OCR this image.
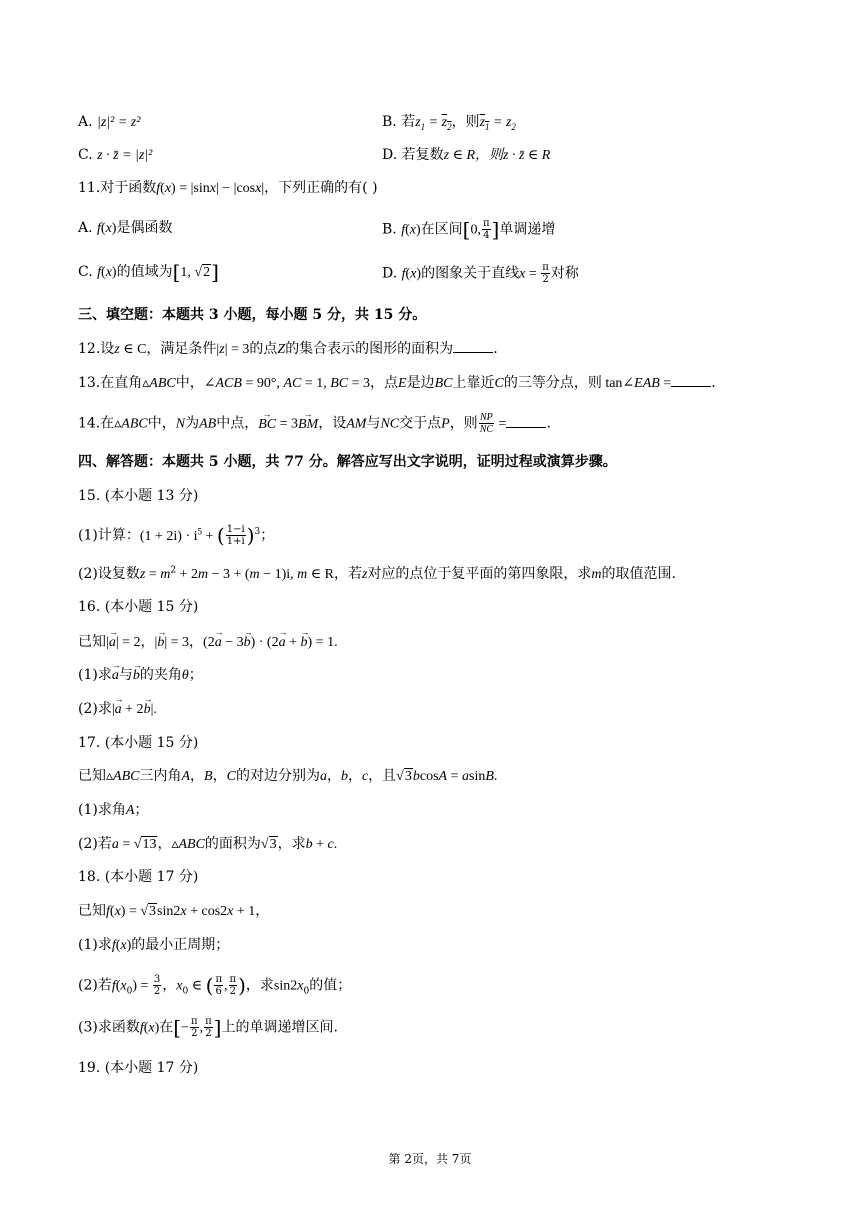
A. |z|² = z²	B. 若$z_1 = z_2$，则$z_1 = z_2$
C. z · z̄ = |z|²	D. 若复数z ∈ R，则z · z̄ ∈ R
11.对于函数f(x) = |sinx| − |cosx|，下列正确的有( )
A. f(x)是偶函数	B. f(x)在区间[0, $\frac{\pi}{4}$ ]单调递增
C. f(x)的值域为[1, √2]	D. f(x)的图象关于直线$x = \frac{\pi}{2}$ 对称
三、填空题：本题共 3 小题，每小题 5 分，共 15 分。
12.设z ∈ C，满足条件|z| = 3的点Z的集合表示的图形的面积为	.
13.在直角▵ABC中，∠ACB = 90°, AC = 1, BC = 3，点E是边BC上靠近C的三等分点，则 tan∠EAB =	.
14.在▵ABC中，N为AB中点，→ BC = 3→ BM，设AM与NC交于点P，则 $\frac{NP}{NC}$ =	.
四、解答题：本题共 5 小题，共 77 分。解答应写出文字说明，证明过程或演算步骤。
15. (本小题 13 分)
(1)计算：$(1 + 2i) \cdot i^5$ + ( $\frac{1-i}{1+i} )^3$；
(2)设复数$z = m^2 + 2m - 3 + (m - 1)i$, m ∈ R，若z对应的点位于复平面的第四象限，求m的取值范围.
16. (本小题 15 分)
已知|→ a| = 2，|→ b| = 3，(2→ a − 3→ b) · (2→ a + → b) = 1.
(1)求→ a与→ b的夹角θ；
(2)求|→ a + 2→ b|.
17. (本小题 15 分)
已知▵ABC三内角A，B，C的对边分别为a，b，c，且√3bcosA = asinB.
(1)求角A；
(2)若a = √13，▵ABC的面积为√3，求b + c.
18. (本小题 17 分)
已知f(x) = √3sin2x + cos2x + 1，
(1)求f(x)的最小正周期；
(2)若$f(x_0) = \frac{3}{2}$ ，$x_0$ ∈ ( $\frac{\pi}{6}$ , $\frac{\pi}{2}$ )，求$\sin 2x_0$的值；
(3)求函数f(x)在[− $\frac{\pi}{2}$ , $\frac{\pi}{2}$ ]上的单调递增区间.
19. (本小题 17 分)
第 2页，共 7页
